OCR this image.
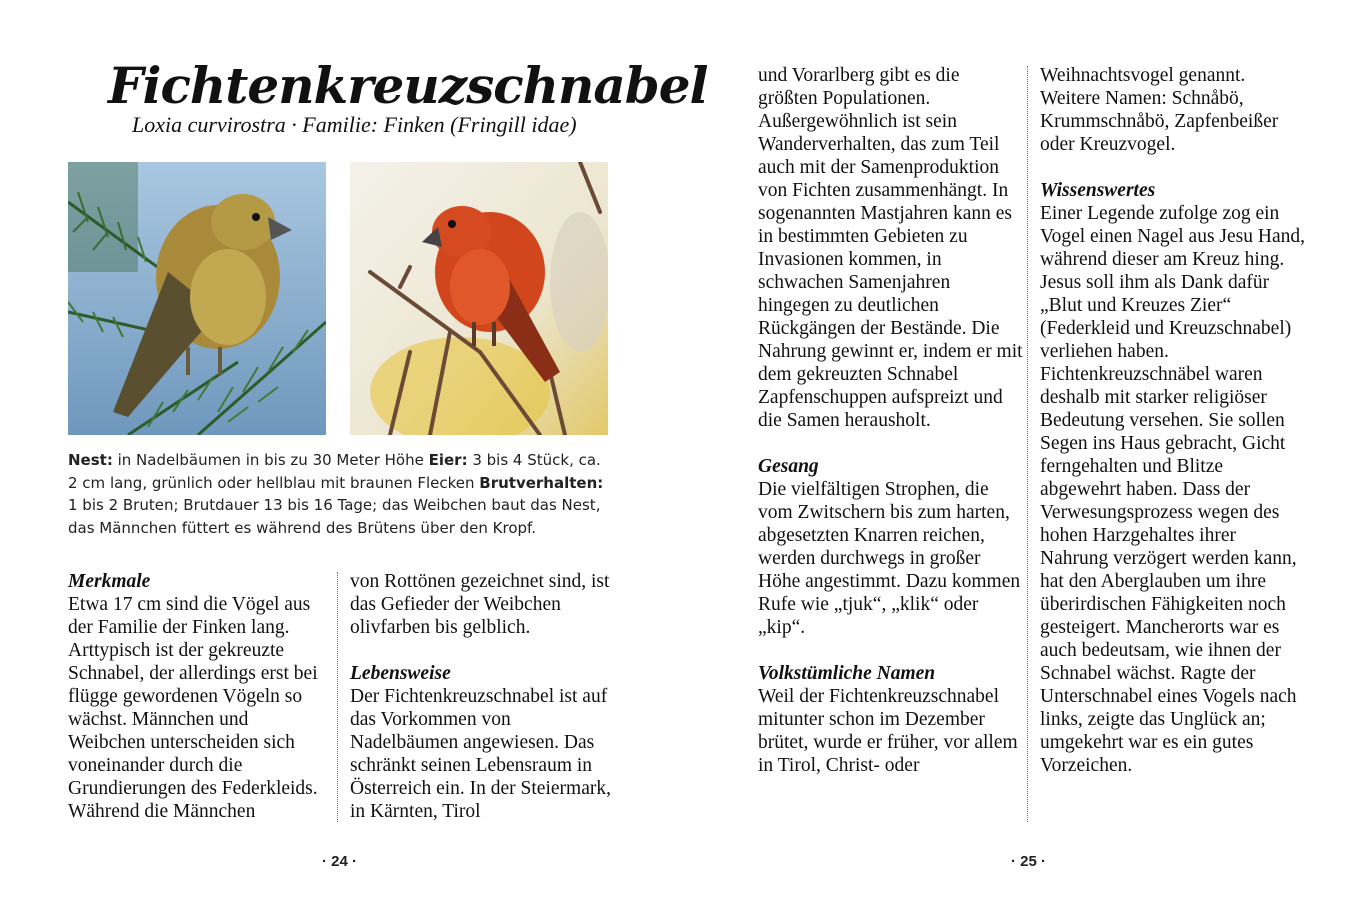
Fichtenkreuzschnabel
Loxia curvirostra · Familie: Finken (Fringill idae)
Nest: in Nadelbäumen in bis zu 30 Meter Höhe Eier: 3 bis 4 Stück, ca. 2 cm lang, grünlich oder hellblau mit braunen Flecken Brutverhalten: 1 bis 2 Bruten; Brutdauer 13 bis 16 Tage; das Weibchen baut das Nest, das Männchen füttert es während des Brütens über den Kropf.
Merkmale

Etwa 17 cm sind die Vögel aus der Familie der Finken lang. Arttypisch ist der gekreuzte Schnabel, der allerdings erst bei flügge gewordenen Vögeln so wächst. Männchen und Weibchen unterscheiden sich voneinander durch die Grundierungen des Federkleids. Während die Männchen

von Rottönen gezeichnet sind, ist das Gefieder der Weibchen olivfarben bis gelblich.

Lebensweise

Der Fichtenkreuzschnabel ist auf das Vorkommen von Nadelbäumen angewiesen. Das schränkt seinen Lebensraum in Österreich ein. In der Steiermark, in Kärnten, Tirol

· 24 ·

und Vorarlberg gibt es die größten Populationen. Außergewöhnlich ist sein Wanderverhalten, das zum Teil auch mit der Samenproduktion von Fichten zusammenhängt. In sogenannten Mastjahren kann es in bestimmten Gebieten zu Invasionen kommen, in schwachen Samenjahren hingegen zu deutlichen Rückgängen der Bestände. Die Nahrung gewinnt er, indem er mit dem gekreuzten Schnabel Zapfenschuppen aufspreizt und die Samen herausholt.

Gesang

Die vielfältigen Strophen, die vom Zwitschern bis zum harten, abgesetzten Knarren reichen, werden durchwegs in großer Höhe angestimmt. Dazu kommen Rufe wie „tjuk“, „klik“ oder „kip“.

Volkstümliche Namen

Weil der Fichtenkreuzschnabel mitunter schon im Dezember brütet, wurde er früher, vor allem in Tirol, Christ- oder

Weihnachtsvogel genannt. Weitere Namen: Schnåbö, Krummschnåbö, Zapfenbeißer oder Kreuzvogel.

Wissenswertes

Einer Legende zufolge zog ein Vogel einen Nagel aus Jesu Hand, während dieser am Kreuz hing. Jesus soll ihm als Dank dafür „Blut und Kreuzes Zier“ (Federkleid und Kreuzschnabel) verliehen haben. Fichtenkreuzschnäbel waren deshalb mit starker religiöser Bedeutung versehen. Sie sollen Segen ins Haus gebracht, Gicht ferngehalten und Blitze abgewehrt haben. Dass der Verwesungsprozess wegen des hohen Harzgehaltes ihrer Nahrung verzögert werden kann, hat den Aberglauben um ihre überirdischen Fähigkeiten noch gesteigert. Mancherorts war es auch bedeutsam, wie ihnen der Schnabel wächst. Ragte der Unterschnabel eines Vogels nach links, zeigte das Unglück an; umgekehrt war es ein gutes Vorzeichen.

· 25 ·
